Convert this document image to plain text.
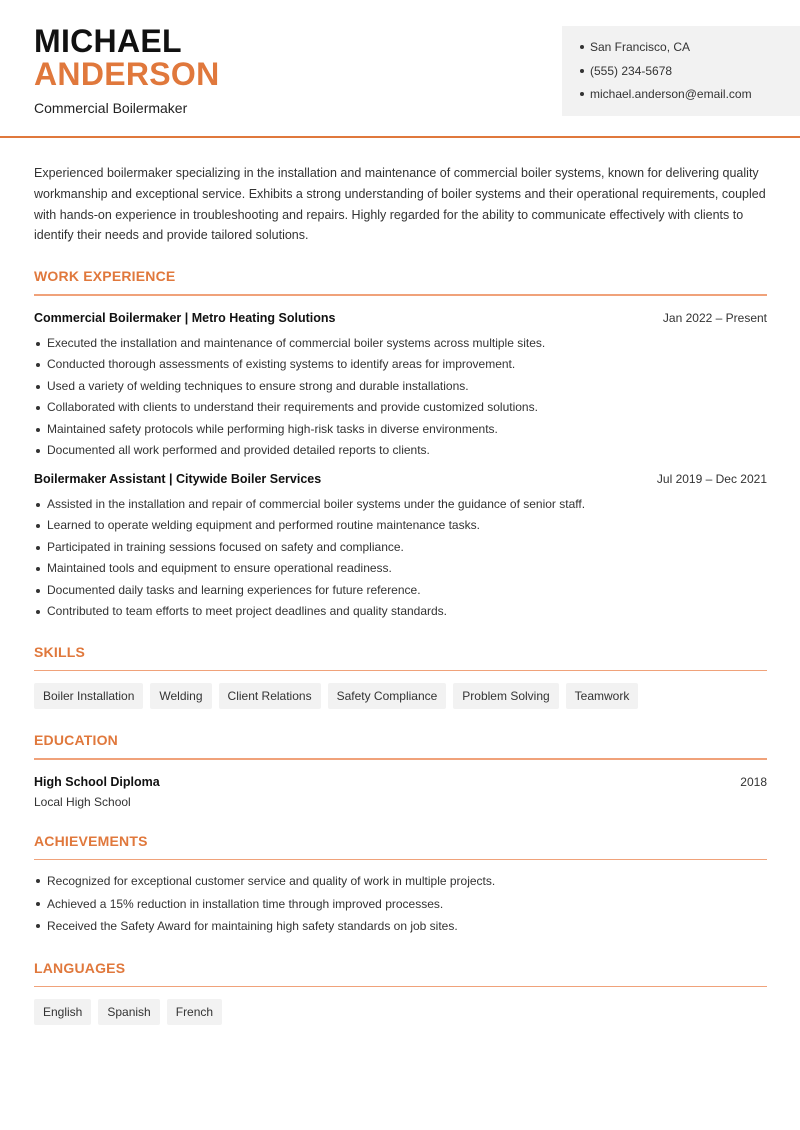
MICHAEL
ANDERSON
Commercial Boilermaker
San Francisco, CA
(555) 234-5678
michael.anderson@email.com

Experienced boilermaker specializing in the installation and maintenance of commercial boiler systems, known for delivering quality workmanship and exceptional service. Exhibits a strong understanding of boiler systems and their operational requirements, coupled with hands-on experience in troubleshooting and repairs. Highly regarded for the ability to communicate effectively with clients to identify their needs and provide tailored solutions.

WORK EXPERIENCE
Commercial Boilermaker | Metro Heating Solutions	Jan 2022 – Present
Executed the installation and maintenance of commercial boiler systems across multiple sites.
Conducted thorough assessments of existing systems to identify areas for improvement.
Used a variety of welding techniques to ensure strong and durable installations.
Collaborated with clients to understand their requirements and provide customized solutions.
Maintained safety protocols while performing high-risk tasks in diverse environments.
Documented all work performed and provided detailed reports to clients.
Boilermaker Assistant | Citywide Boiler Services	Jul 2019 – Dec 2021
Assisted in the installation and repair of commercial boiler systems under the guidance of senior staff.
Learned to operate welding equipment and performed routine maintenance tasks.
Participated in training sessions focused on safety and compliance.
Maintained tools and equipment to ensure operational readiness.
Documented daily tasks and learning experiences for future reference.
Contributed to team efforts to meet project deadlines and quality standards.
SKILLS
Boiler Installation	Welding	Client Relations	Safety Compliance	Problem Solving	Teamwork
EDUCATION
High School Diploma	2018
Local High School
ACHIEVEMENTS
Recognized for exceptional customer service and quality of work in multiple projects.
Achieved a 15% reduction in installation time through improved processes.
Received the Safety Award for maintaining high safety standards on job sites.
LANGUAGES
English	Spanish	French
